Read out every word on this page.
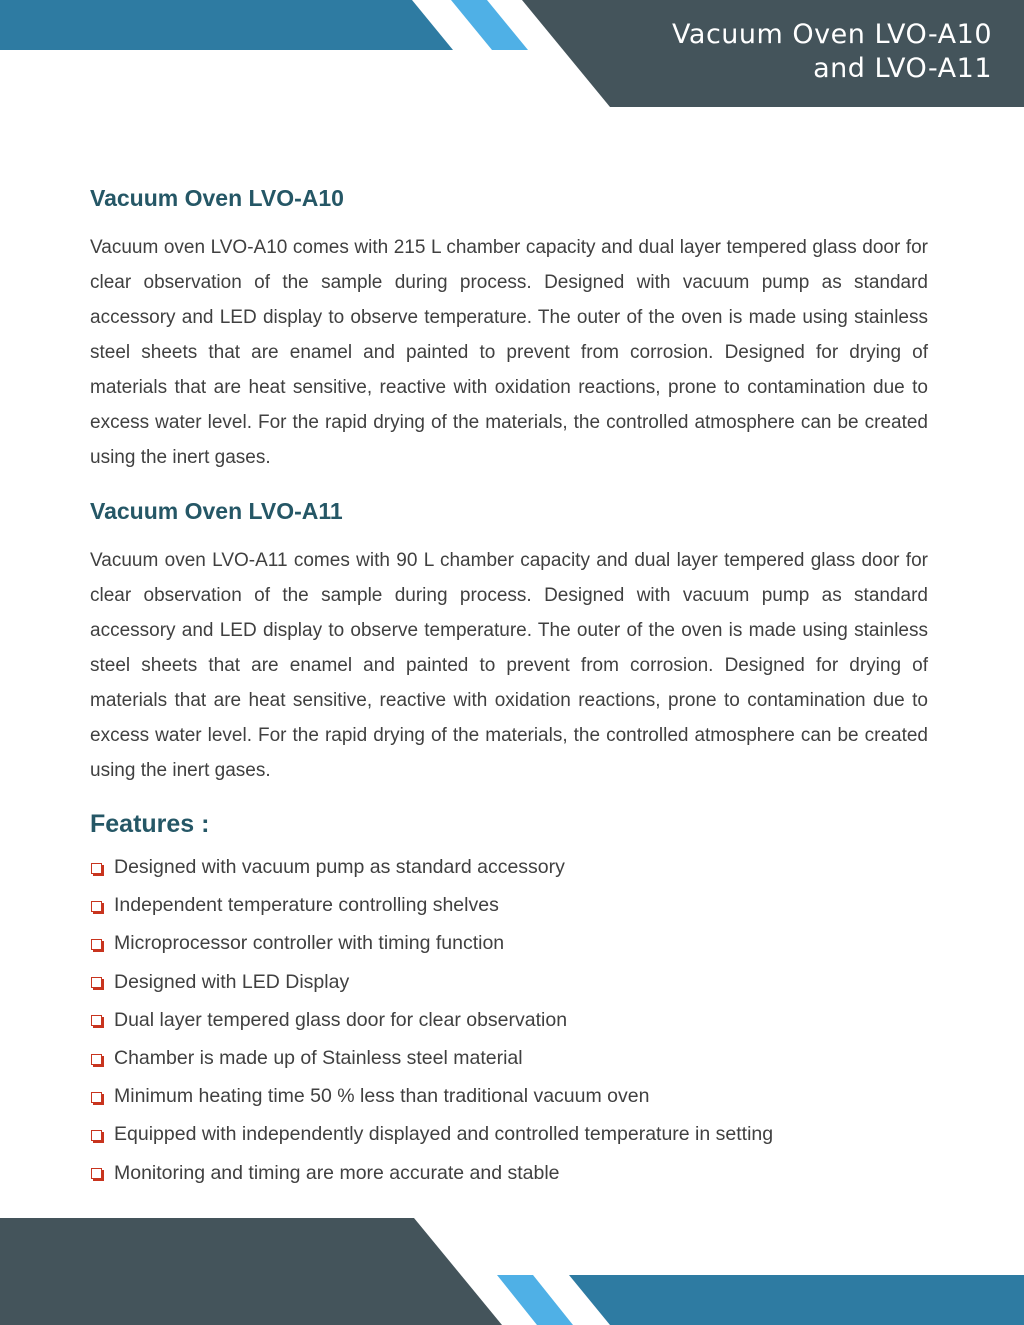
Vacuum Oven LVO-A10
and LVO-A11
Vacuum Oven LVO-A10

Vacuum oven LVO-A10 comes with 215 L chamber capacity and dual layer tempered glass door for clear observation of the sample during process. Designed with vacuum pump as standard accessory and LED display to observe temperature. The outer of the oven is made using stainless steel sheets that are enamel and painted to prevent from corrosion. Designed for drying of materials that are heat sensitive, reactive with oxidation reactions, prone to contamination due to excess water level. For the rapid drying of the materials, the controlled atmosphere can be created using the inert gases.

Vacuum Oven LVO-A11

Vacuum oven LVO-A11 comes with 90 L chamber capacity and dual layer tempered glass door for clear observation of the sample during process. Designed with vacuum pump as standard accessory and LED display to observe temperature. The outer of the oven is made using stainless steel sheets that are enamel and painted to prevent from corrosion. Designed for drying of materials that are heat sensitive, reactive with oxidation reactions, prone to contamination due to excess water level. For the rapid drying of the materials, the controlled atmosphere can be created using the inert gases.

Features :
Designed with vacuum pump as standard accessory
Independent temperature controlling shelves
Microprocessor controller with timing function
Designed with LED Display
Dual layer tempered glass door for clear observation
Chamber is made up of Stainless steel material
Minimum heating time 50 % less than traditional vacuum oven
Equipped with independently displayed and controlled temperature in setting
Monitoring and timing are more accurate and stable
